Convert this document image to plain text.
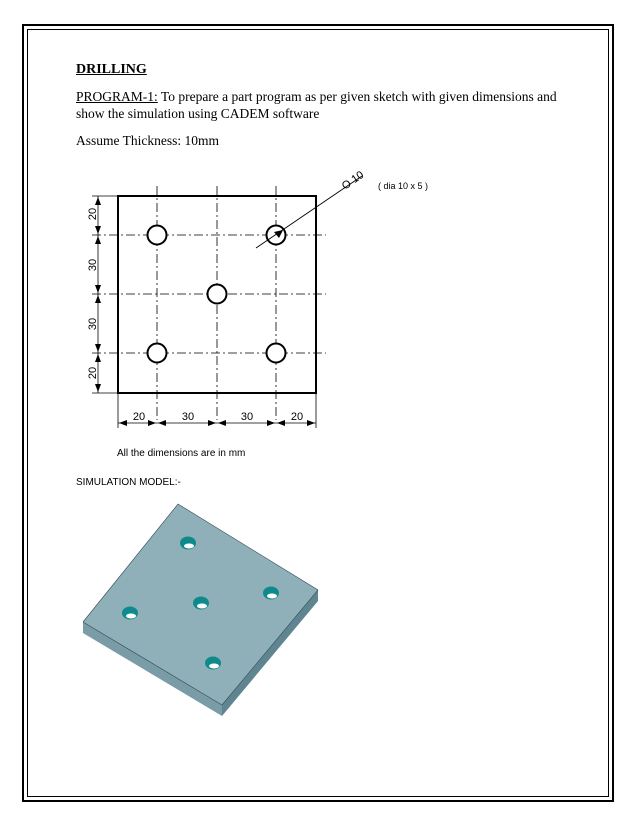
DRILLING
PROGRAM-1: To prepare a part program as per given sketch with given dimensions and show the simulation using CADEM software
Assume Thickness: 10mm
O 10 ( dia 10 x 5 )
20
30
30
20
20	30	30	20
All the dimensions are in mm
SIMULATION MODEL:-
